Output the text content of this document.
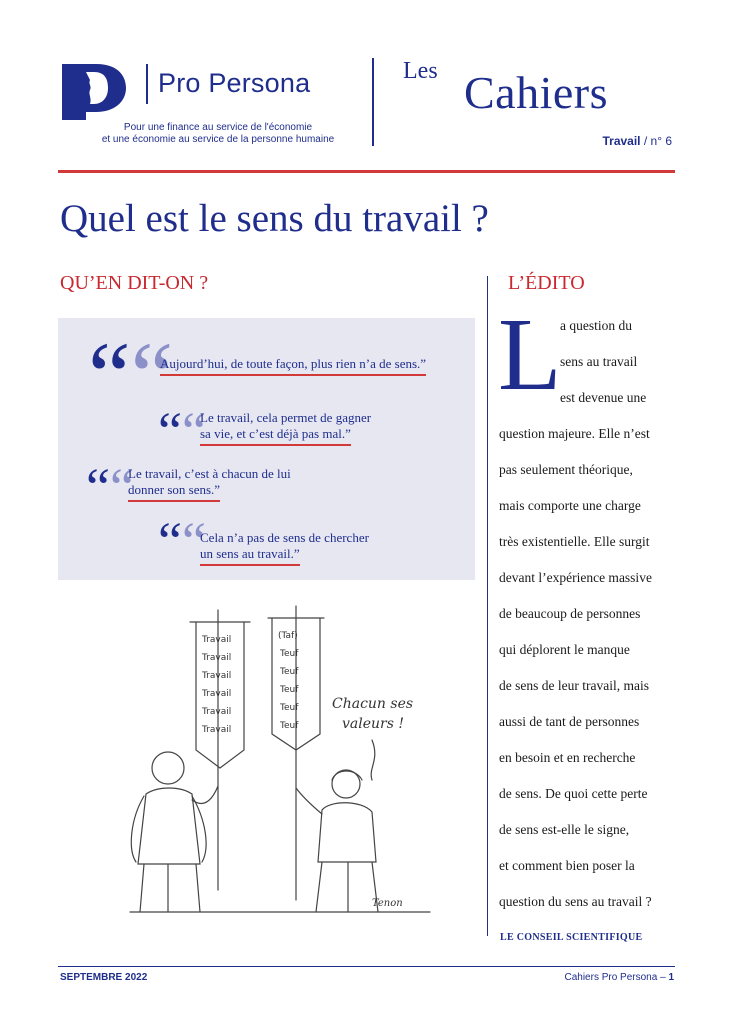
Pro Persona
Pour une finance au service de l'économie
et une économie au service de la personne humaine
Les Cahiers
Travail / n° 6
Quel est le sens du travail ?
QU’EN DIT-ON ?
““
Aujourd’hui, de toute façon, plus rien n’a de sens.”
““
Le travail, cela permet de gagner
sa vie, et c’est déjà pas mal.”
““
Le travail, c’est à chacun de lui
donner son sens.”
““
Cela n’a pas de sens de chercher
un sens au travail.”
Travail
Travail
Travail
Travail
Travail
Travail
(Taf)
Teuf
Teuf
Teuf
Teuf
Teuf
Chacun ses
valeurs !
Tenon
L’ÉDITO
L
a question du
sens au travail
est devenue une
question majeure. Elle n’est
pas seulement théorique,
mais comporte une charge
très existentielle. Elle surgit
devant l’expérience massive
de beaucoup de personnes
qui déplorent le manque
de sens de leur travail, mais
aussi de tant de personnes
en besoin et en recherche
de sens. De quoi cette perte
de sens est-elle le signe,
et comment bien poser la
question du sens au travail ?
LE CONSEIL SCIENTIFIQUE
SEPTEMBRE 2022	Cahiers Pro Persona – 1
